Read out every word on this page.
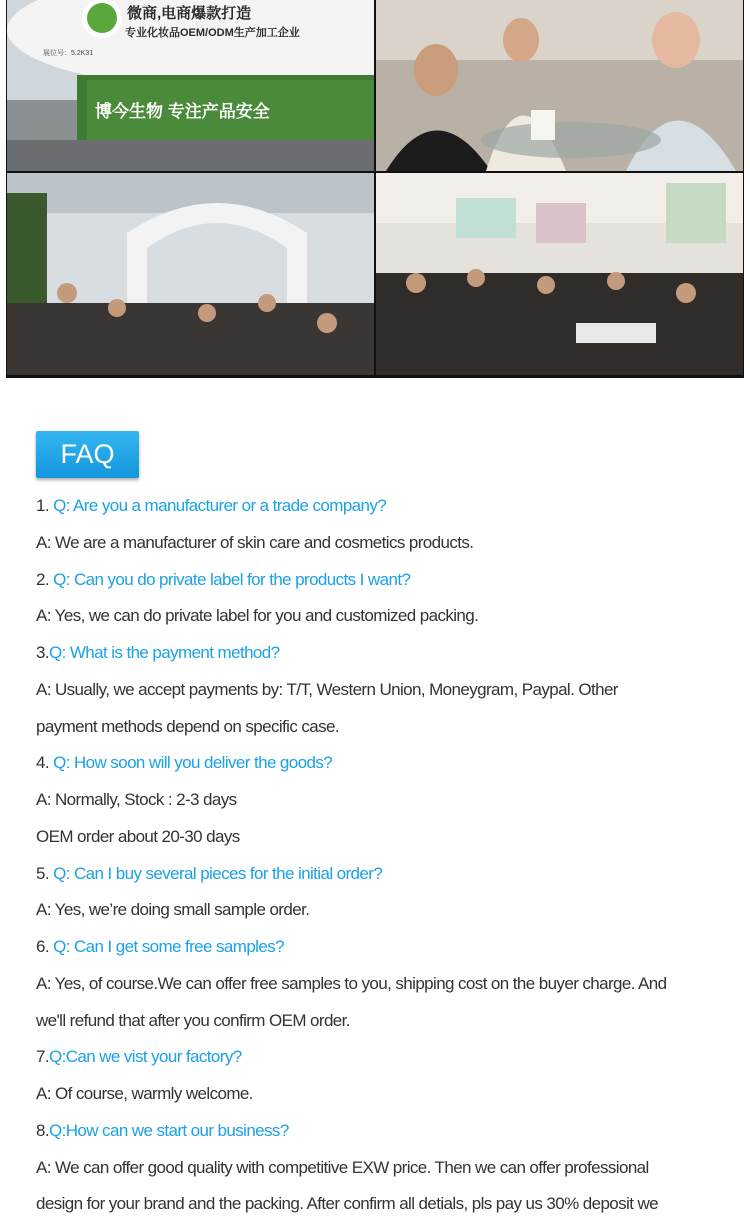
微商,电商爆款打造
专业化妆品OEM/ODM生产加工企业
展位号：5.2K31
博今生物 专注产品安全
FAQ
1. Q: Are you a manufacturer or a trade company?
A: We are a manufacturer of skin care and cosmetics products.
2. Q: Can you do private label for the products I want?
A: Yes, we can do private label for you and customized packing.
3.Q: What is the payment method?
A: Usually, we accept payments by: T/T, Western Union, Moneygram, Paypal. Other
payment methods depend on specific case.
4. Q: How soon will you deliver the goods?
A: Normally, Stock : 2-3 days
OEM order about 20-30 days
5. Q: Can I buy several pieces for the initial order?
A: Yes, we’re doing small sample order.
6. Q: Can I get some free samples?
A: Yes, of course.We can offer free samples to you, shipping cost on the buyer charge. And
we'll refund that after you confirm OEM order.
7.Q:Can we vist your factory?
A: Of course, warmly welcome.
8.Q:How can we start our business?
A: We can offer good quality with competitive EXW price. Then we can offer professional
design for your brand and the packing. After confirm all detials, pls pay us 30% deposit we
